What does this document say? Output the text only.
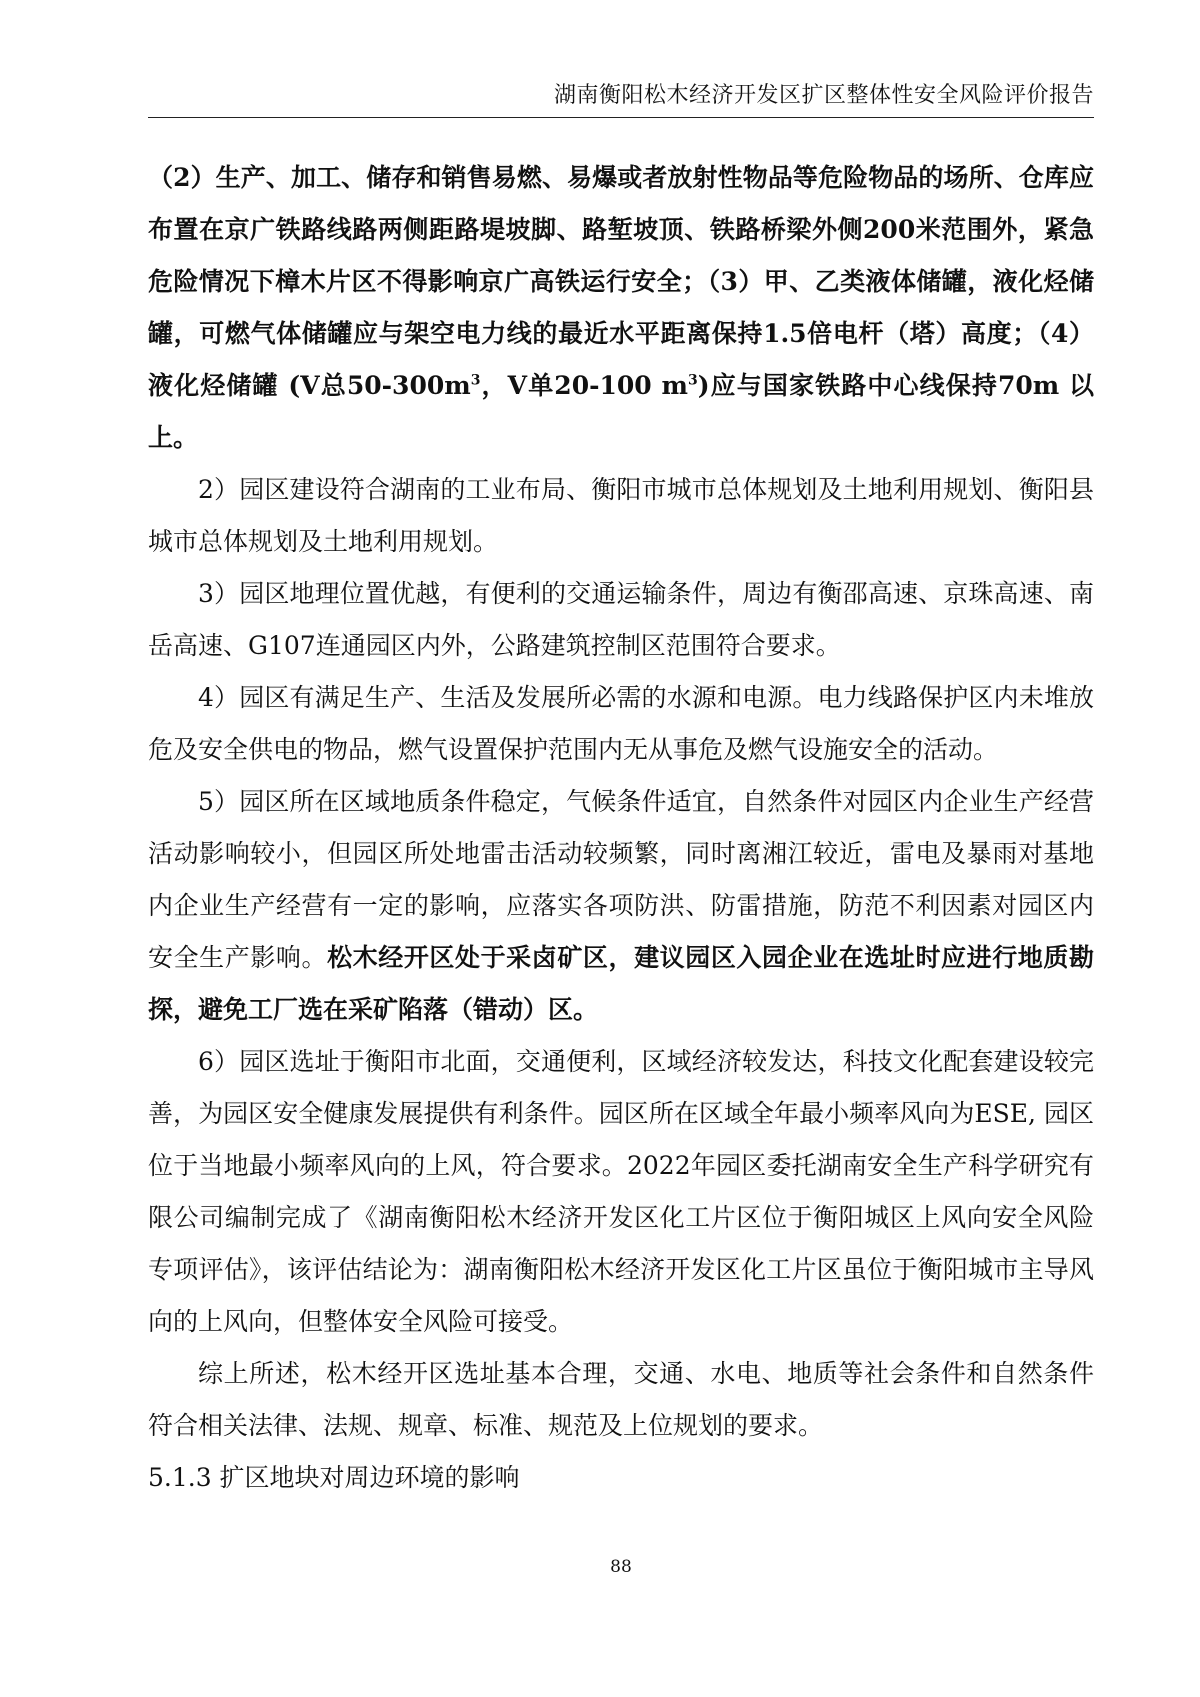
湖南衡阳松木经济开发区扩区整体性安全风险评价报告

（2）生产、加工、储存和销售易燃、易爆或者放射性物品等危险物品的场所、仓库应布置在京广铁路线路两侧距路堤坡脚、路堑坡顶、铁路桥梁外侧200米范围外，紧急危险情况下樟木片区不得影响京广高铁运行安全；（3）甲、乙类液体储罐，液化烃储罐，可燃气体储罐应与架空电力线的最近水平距离保持1.5倍电杆（塔）高度；（4）液化烃储罐 (V总$50-300m^3$，V单20-100 $m^3$)应与国家铁路中心线保持70m 以上。

2）园区建设符合湖南的工业布局、衡阳市城市总体规划及土地利用规划、衡阳县城市总体规划及土地利用规划。

3）园区地理位置优越，有便利的交通运输条件，周边有衡邵高速、京珠高速、南岳高速、G107连通园区内外，公路建筑控制区范围符合要求。

4）园区有满足生产、生活及发展所必需的水源和电源。电力线路保护区内未堆放危及安全供电的物品，燃气设置保护范围内无从事危及燃气设施安全的活动。

5）园区所在区域地质条件稳定，气候条件适宜，自然条件对园区内企业生产经营活动影响较小，但园区所处地雷击活动较频繁，同时离湘江较近，雷电及暴雨对基地内企业生产经营有一定的影响，应落实各项防洪、防雷措施，防范不利因素对园区内安全生产影响。松木经开区处于采卤矿区，建议园区入园企业在选址时应进行地质勘探，避免工厂选在采矿陷落（错动）区。

6）园区选址于衡阳市北面，交通便利，区域经济较发达，科技文化配套建设较完善，为园区安全健康发展提供有利条件。园区所在区域全年最小频率风向为ESE, 园区位于当地最小频率风向的上风，符合要求。2022年园区委托湖南安全生产科学研究有限公司编制完成了《湖南衡阳松木经济开发区化工片区位于衡阳城区上风向安全风险专项评估》，该评估结论为：湖南衡阳松木经济开发区化工片区虽位于衡阳城市主导风向的上风向，但整体安全风险可接受。

综上所述，松木经开区选址基本合理，交通、水电、地质等社会条件和自然条件符合相关法律、法规、规章、标准、规范及上位规划的要求。

5.1.3 扩区地块对周边环境的影响

88
